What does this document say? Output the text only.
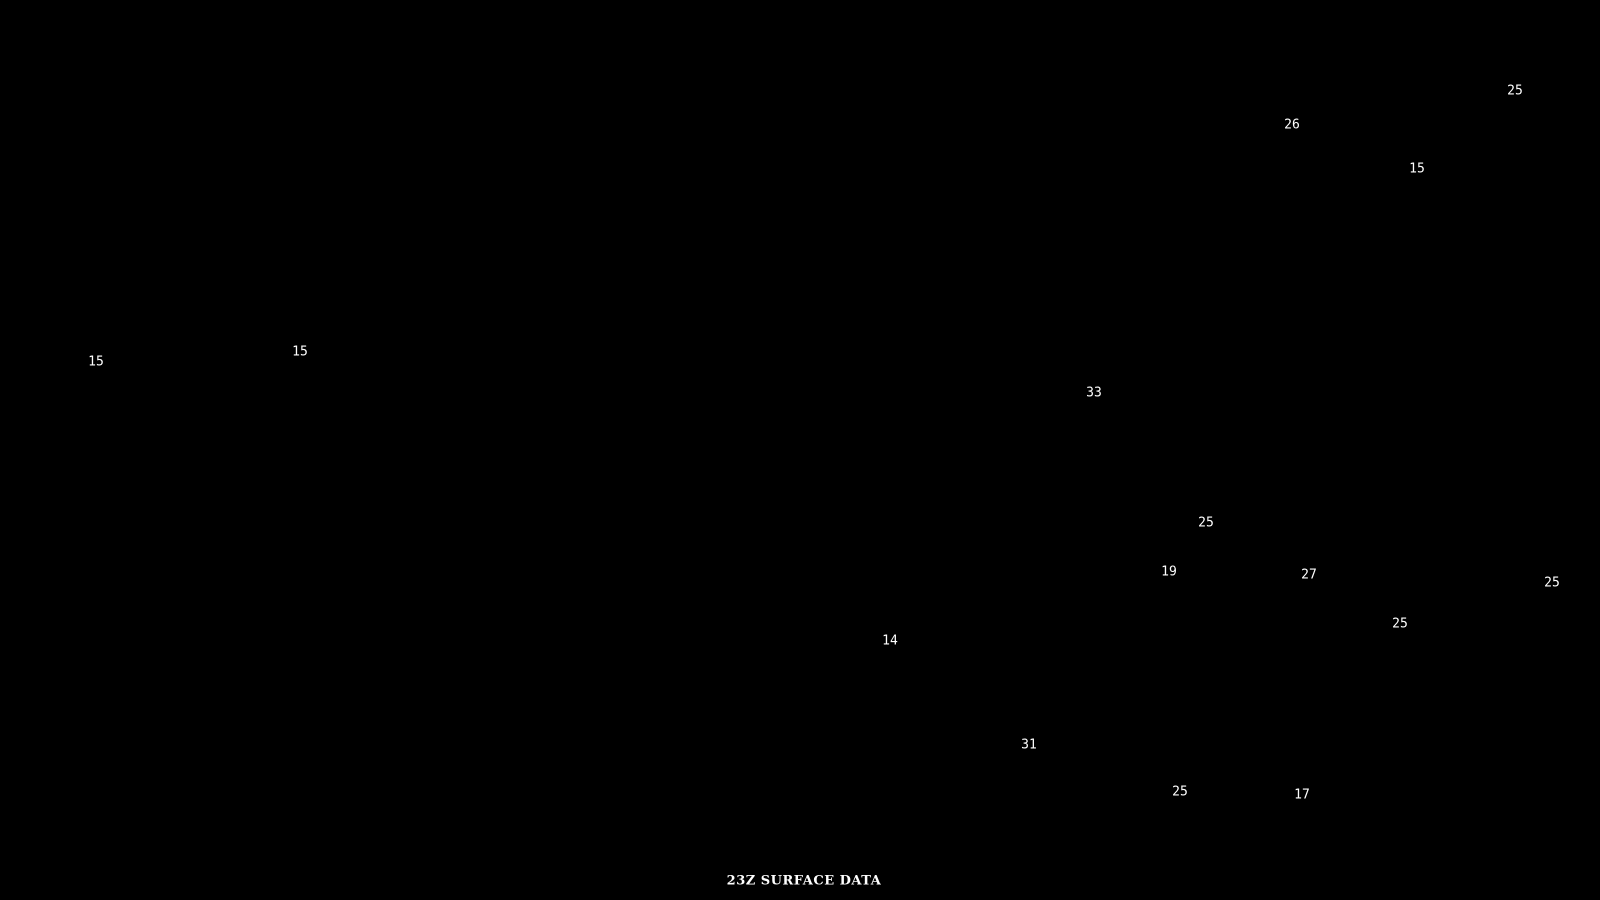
25
26
15
15
15
33
25
19	27
25
25
14
31
25	17
23Z SURFACE DATA
